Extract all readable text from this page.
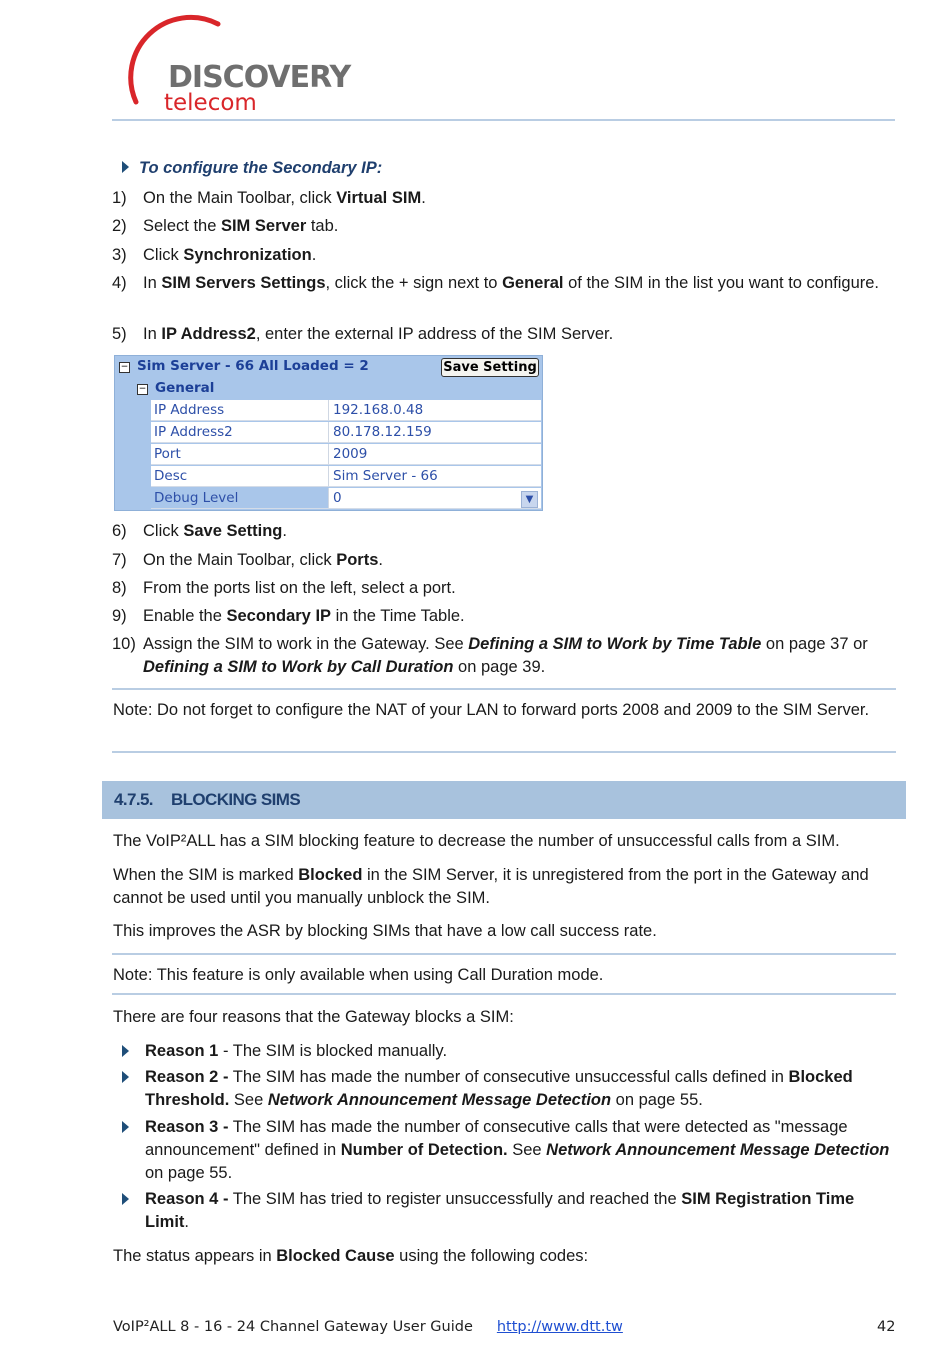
DISCOVERY
telecom
To configure the Secondary IP:
1) On the Main Toolbar, click Virtual SIM.
2) Select the SIM Server tab.
3) Click Synchronization.
4) In SIM Servers Settings, click the + sign next to General of the SIM in the list you want to configure.
5) In IP Address2, enter the external IP address of the SIM Server.
− Sim Server - 66 All Loaded = 2	Save Setting
− General
IP Address	192.168.0.48
IP Address2	80.178.12.159
Port	2009
Desc	Sim Server - 66
Debug Level	0	▼
6) Click Save Setting.
7) On the Main Toolbar, click Ports.
8) From the ports list on the left, select a port.
9) Enable the Secondary IP in the Time Table.
10) Assign the SIM to work in the Gateway. See Defining a SIM to Work by Time Table on page 37 or Defining a SIM to Work by Call Duration on page 39.
Note: Do not forget to configure the NAT of your LAN to forward ports 2008 and 2009 to the SIM Server.
4.7.5. BLOCKING SIMS
The VoIP²ALL has a SIM blocking feature to decrease the number of unsuccessful calls from a SIM.
When the SIM is marked Blocked in the SIM Server, it is unregistered from the port in the Gateway and cannot be used until you manually unblock the SIM.
This improves the ASR by blocking SIMs that have a low call success rate.
Note: This feature is only available when using Call Duration mode.
There are four reasons that the Gateway blocks a SIM:
Reason 1 - The SIM is blocked manually.
Reason 2 - The SIM has made the number of consecutive unsuccessful calls defined in Blocked Threshold. See Network Announcement Message Detection on page 55.
Reason 3 - The SIM has made the number of consecutive calls that were detected as "message announcement" defined in Number of Detection. See Network Announcement Message Detection on page 55.
Reason 4 - The SIM has tried to register unsuccessfully and reached the SIM Registration Time Limit.
The status appears in Blocked Cause using the following codes:
VoIP²ALL 8 - 16 - 24 Channel Gateway User Guide http://www.dtt.tw	42
